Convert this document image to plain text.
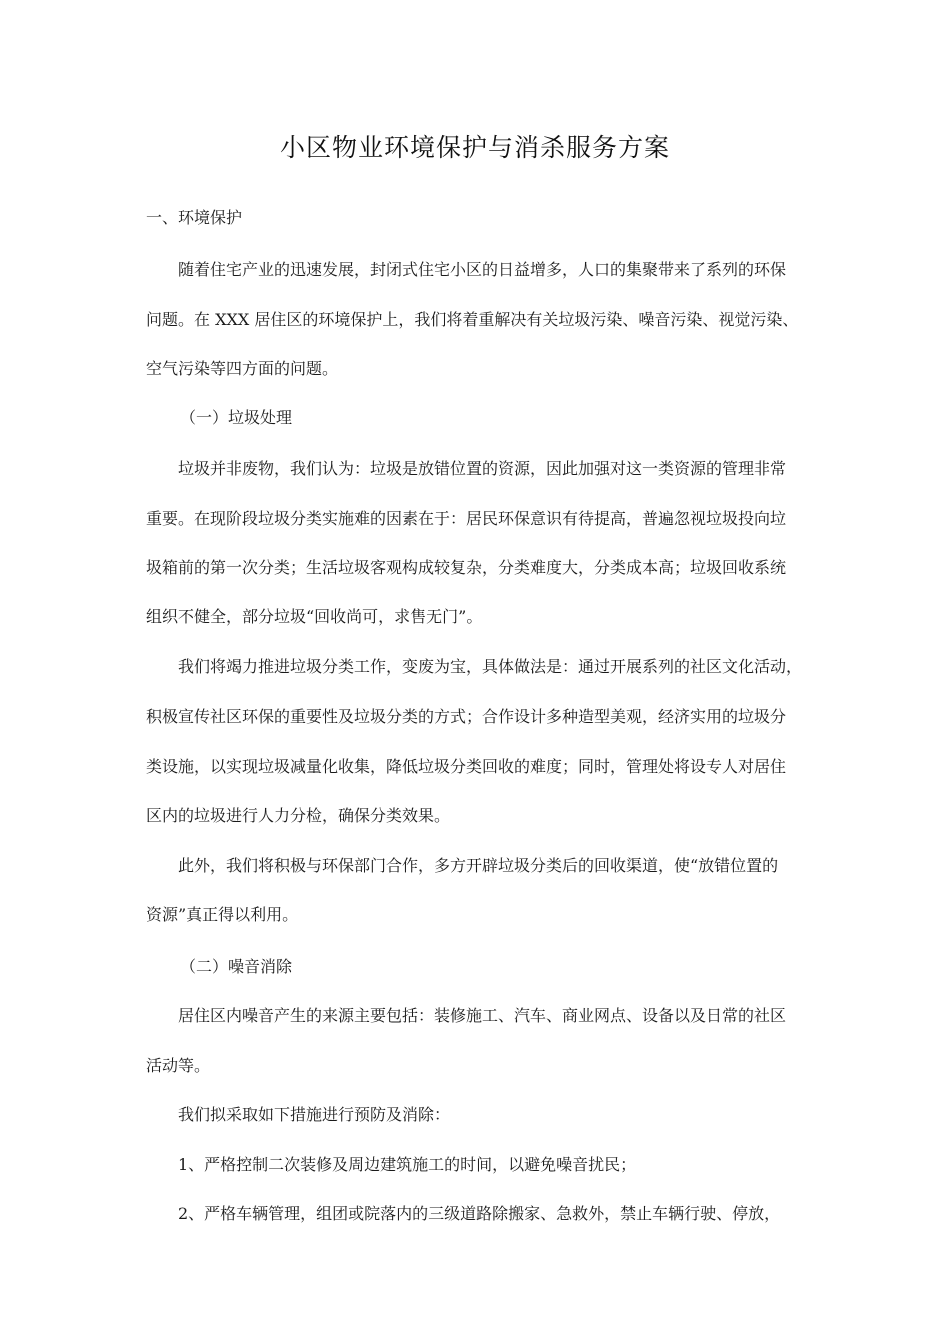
小区物业环境保护与消杀服务方案
一、环境保护
随着住宅产业的迅速发展，封闭式住宅小区的日益增多，人口的集聚带来了系列的环保
问题。在 XXX 居住区的环境保护上，我们将着重解决有关垃圾污染、噪音污染、视觉污染、
空气污染等四方面的问题。
（一）垃圾处理
垃圾并非废物，我们认为：垃圾是放错位置的资源，因此加强对这一类资源的管理非常
重要。在现阶段垃圾分类实施难的因素在于：居民环保意识有待提高，普遍忽视垃圾投向垃
圾箱前的第一次分类；生活垃圾客观构成较复杂，分类难度大，分类成本高；垃圾回收系统
组织不健全，部分垃圾“回收尚可，求售无门”。
我们将竭力推进垃圾分类工作，变废为宝，具体做法是：通过开展系列的社区文化活动，
积极宣传社区环保的重要性及垃圾分类的方式；合作设计多种造型美观，经济实用的垃圾分
类设施，以实现垃圾减量化收集，降低垃圾分类回收的难度；同时，管理处将设专人对居住
区内的垃圾进行人力分检，确保分类效果。
此外，我们将积极与环保部门合作，多方开辟垃圾分类后的回收渠道，使“放错位置的
资源”真正得以利用。
（二）噪音消除
居住区内噪音产生的来源主要包括：装修施工、汽车、商业网点、设备以及日常的社区
活动等。
我们拟采取如下措施进行预防及消除：
1、严格控制二次装修及周边建筑施工的时间，以避免噪音扰民；
2、严格车辆管理，组团或院落内的三级道路除搬家、急救外，禁止车辆行驶、停放，
